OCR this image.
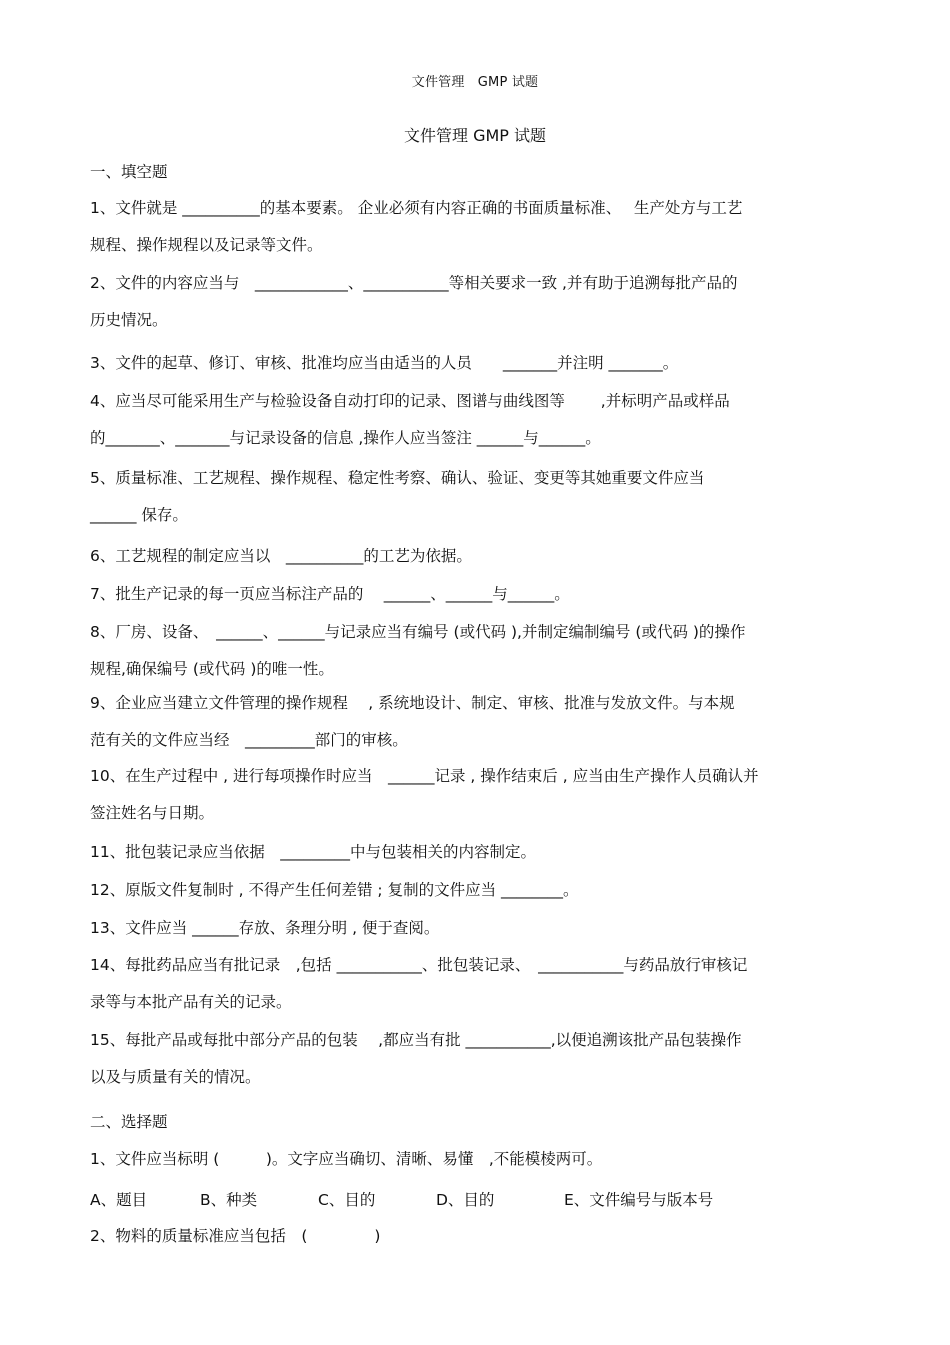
文件管理　GMP 试题
文件管理 GMP 试题
一、填空题
1、文件就是 __________的基本要素。 企业必须有内容正确的书面质量标准、　 生产处方与工艺
规程、操作规程以及记录等文件。
2、文件的内容应当与　____________、___________等相关要求一致 ,并有助于追溯每批产品的
历史情况。
3、文件的起草、修订、审核、批准均应当由适当的人员　　_______并注明 _______。
4、应当尽可能采用生产与检验设备自动打印的记录、图谱与曲线图等　　 ,并标明产品或样品
的_______、_______与记录设备的信息 ,操作人应当签注 ______与______。
5、质量标准、工艺规程、操作规程、稳定性考察、确认、验证、变更等其她重要文件应当
______ 保存。
6、工艺规程的制定应当以　__________的工艺为依据。
7、批生产记录的每一页应当标注产品的　 ______、______与______。
8、厂房、设备、　______、______与记录应当有编号 (或代码 ),并制定编制编号 (或代码 )的操作
规程,确保编号 (或代码 )的唯一性。
9、企业应当建立文件管理的操作规程　 , 系统地设计、制定、审核、批准与发放文件。与本规
范有关的文件应当经　_________部门的审核。
10、在生产过程中 , 进行每项操作时应当　______记录 , 操作结束后 , 应当由生产操作人员确认并
签注姓名与日期。
11、批包装记录应当依据　_________中与包装相关的内容制定。
12、原版文件复制时 , 不得产生任何差错 ; 复制的文件应当 ________。
13、文件应当 ______存放、条理分明 , 便于查阅。
14、每批药品应当有批记录　,包括 ___________、批包装记录、　___________与药品放行审核记
录等与本批产品有关的记录。
15、每批产品或每批中部分产品的包装　 ,都应当有批 ___________,以便追溯该批产品包装操作
以及与质量有关的情况。
二、选择题
1、文件应当标明 (　　　)。文字应当确切、清晰、易懂　,不能模棱两可。
A、题目	B、种类	C、目的	D、目的	E、文件编号与版本号
2、物料的质量标准应当包括　(　　　　 )
